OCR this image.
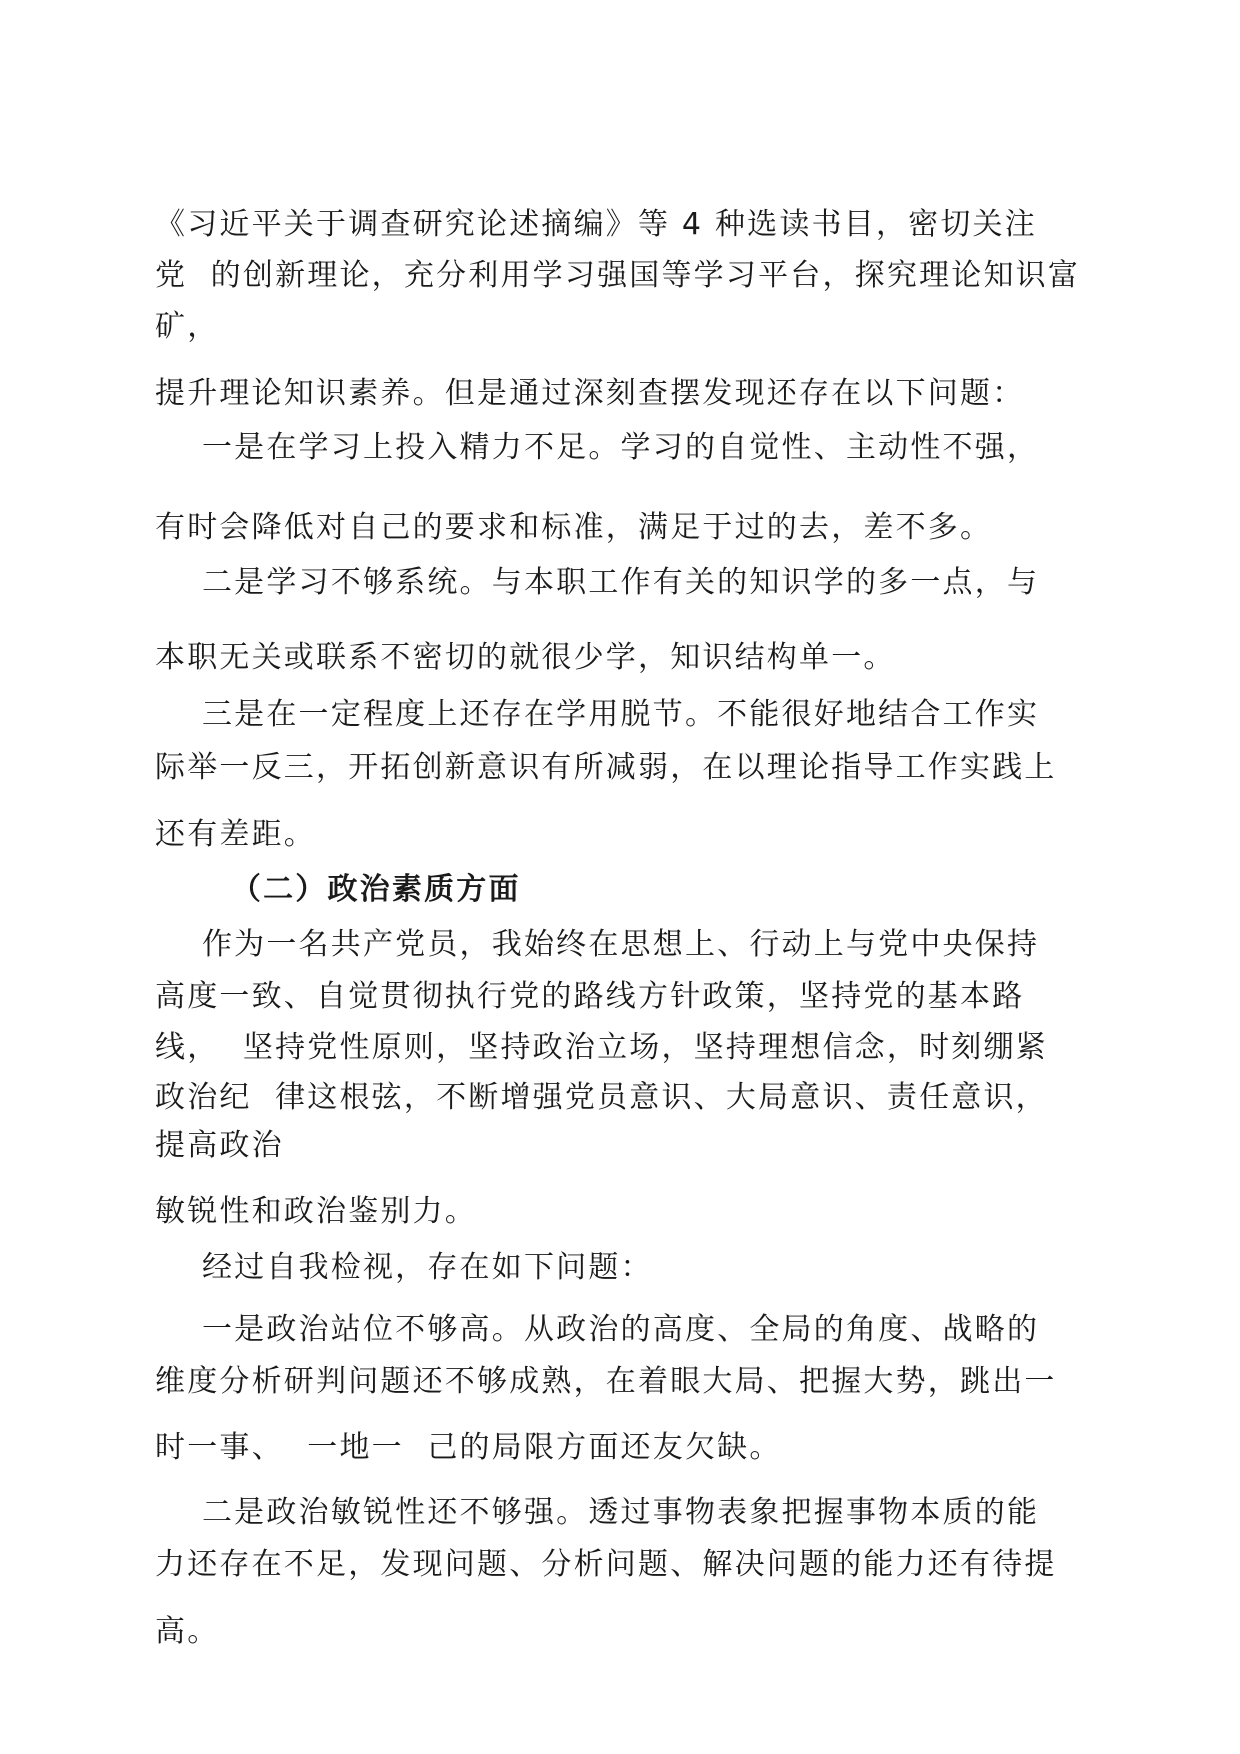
《习近平关于调查研究论述摘编》等 4 种选读书目，密切关注
党  的创新理论，充分利用学习强国等学习平台，探究理论知识富
矿，
提升理论知识素养。但是通过深刻查摆发现还存在以下问题：
一是在学习上投入精力不足。学习的自觉性、主动性不强，
有时会降低对自己的要求和标准，满足于过的去，差不多。
二是学习不够系统。与本职工作有关的知识学的多一点，与
本职无关或联系不密切的就很少学，知识结构单一。
三是在一定程度上还存在学用脱节。不能很好地结合工作实
际举一反三，开拓创新意识有所减弱，在以理论指导工作实践上
还有差距。
（二）政治素质方面
作为一名共产党员，我始终在思想上、行动上与党中央保持
高度一致、自觉贯彻执行党的路线方针政策，坚持党的基本路
线，  坚持党性原则，坚持政治立场，坚持理想信念，时刻绷紧
政治纪  律这根弦，不断增强党员意识、大局意识、责任意识，
提高政治
敏锐性和政治鉴别力。
经过自我检视，存在如下问题：
一是政治站位不够高。从政治的高度、全局的角度、战略的
维度分析研判问题还不够成熟，在着眼大局、把握大势，跳出一
时一事、  一地一  己的局限方面还友欠缺。
二是政治敏锐性还不够强。透过事物表象把握事物本质的能
力还存在不足，发现问题、分析问题、解决问题的能力还有待提
高。
